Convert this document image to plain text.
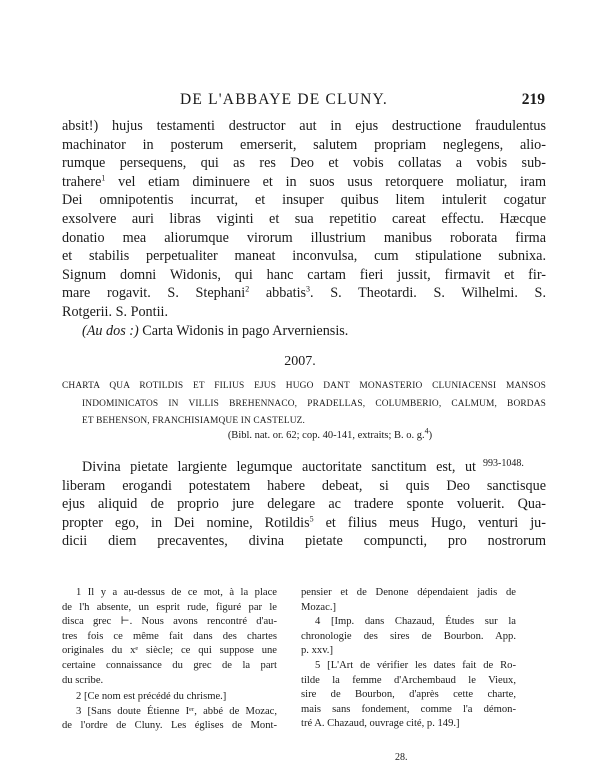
DE L'ABBAYE DE CLUNY.	219
absit!) hujus testamenti destructor aut in ejus destructione fraudulentus
machinator in posterum emerserit, salutem propriam neglegens, alio-
rumque persequens, qui as res Deo et vobis collatas a vobis sub-
trahere$^1$ vel etiam diminuere et in suos usus retorquere moliatur, iram
Dei omnipotentis incurrat, et insuper quibus litem intulerit cogatur
exsolvere auri libras viginti et sua repetitio careat effectu. Hæcque
donatio mea aliorumque virorum illustrium manibus roborata firma
et stabilis perpetualiter maneat inconvulsa, cum stipulatione subnixa.
Signum domni Widonis, qui hanc cartam fieri jussit, firmavit et fir-
mare rogavit. S. Stephani$^2$ abbatis$^3$. S. Theotardi. S. Wilhelmi. S.
Rotgerii. S. Pontii.
(Au dos :) Carta Widonis in pago Arverniensis.
2007.
CHARTA QUA ROTILDIS ET FILIUS EJUS HUGO DANT MONASTERIO CLUNIACENSI MANSOS
INDOMINICATOS IN VILLIS BREHENNACO, PRADELLAS, COLUMBERIO, CALMUM, BORDAS
ET BEHENSON, FRANCHISIAMQUE IN CASTELUZ.
(Bibl. nat. or. 62; cop. 40-141, extraits; B. o. g.$^4$)
Divina pietate largiente legumque auctoritate sanctitum est, ut
liberam erogandi potestatem habere debeat, si quis Deo sanctisque
ejus aliquid de proprio jure delegare ac tradere sponte voluerit. Qua-
propter ego, in Dei nomine, Rotildis$^5$ et filius meus Hugo, venturi ju-
dicii diem precaventes, divina pietate compuncti, pro nostrorum
993-1048.
1 Il y a au-dessus de ce mot, à la place
de l'h absente, un esprit rude, figuré par le
disca grec ⊢. Nous avons rencontré d'au-
tres fois ce même fait dans des chartes
originales du xᵉ siècle; ce qui suppose une
certaine connaissance du grec de la part
du scribe.
2 [Ce nom est précédé du chrisme.]
3 [Sans doute Étienne Iᵉʳ, abbé de Mozac,
de l'ordre de Cluny. Les églises de Mont-
pensier et de Denone dépendaient jadis de
Mozac.]
4 [Imp. dans Chazaud, Études sur la
chronologie des sires de Bourbon. App.
p. xxv.]
5 [L'Art de vérifier les dates fait de Ro-
tilde la femme d'Archembaud le Vieux,
sire de Bourbon, d'après cette charte,
mais sans fondement, comme l'a démon-
tré A. Chazaud, ouvrage cité, p. 149.]
28.
